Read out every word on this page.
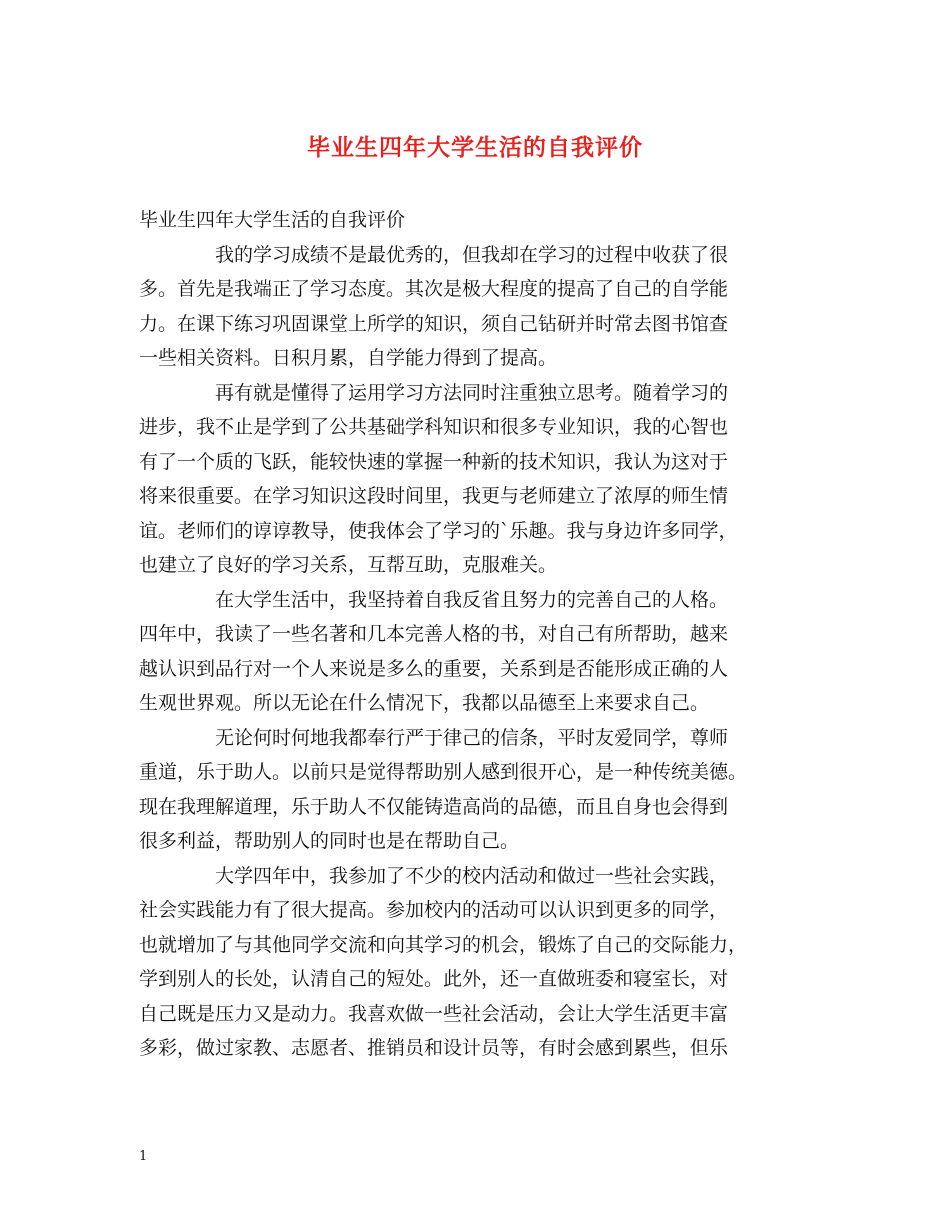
毕业生四年大学生活的自我评价
毕业生四年大学生活的自我评价
我的学习成绩不是最优秀的，但我却在学习的过程中收获了很
多。首先是我端正了学习态度。其次是极大程度的提高了自己的自学能
力。在课下练习巩固课堂上所学的知识，须自己钻研并时常去图书馆查
一些相关资料。日积月累，自学能力得到了提高。
再有就是懂得了运用学习方法同时注重独立思考。随着学习的
进步，我不止是学到了公共基础学科知识和很多专业知识，我的心智也
有了一个质的飞跃，能较快速的掌握一种新的技术知识，我认为这对于
将来很重要。在学习知识这段时间里，我更与老师建立了浓厚的师生情
谊。老师们的谆谆教导，使我体会了学习的`乐趣。我与身边许多同学，
也建立了良好的学习关系，互帮互助，克服难关。
在大学生活中，我坚持着自我反省且努力的完善自己的人格。
四年中，我读了一些名著和几本完善人格的书，对自己有所帮助，越来
越认识到品行对一个人来说是多么的重要，关系到是否能形成正确的人
生观世界观。所以无论在什么情况下，我都以品德至上来要求自己。
无论何时何地我都奉行严于律己的信条，平时友爱同学，尊师
重道，乐于助人。以前只是觉得帮助别人感到很开心，是一种传统美德。
现在我理解道理，乐于助人不仅能铸造高尚的品德，而且自身也会得到
很多利益，帮助别人的同时也是在帮助自己。
大学四年中，我参加了不少的校内活动和做过一些社会实践，
社会实践能力有了很大提高。参加校内的活动可以认识到更多的同学，
也就增加了与其他同学交流和向其学习的机会，锻炼了自己的交际能力，
学到别人的长处，认清自己的短处。此外，还一直做班委和寝室长，对
自己既是压力又是动力。我喜欢做一些社会活动，会让大学生活更丰富
多彩，做过家教、志愿者、推销员和设计员等，有时会感到累些，但乐
1
